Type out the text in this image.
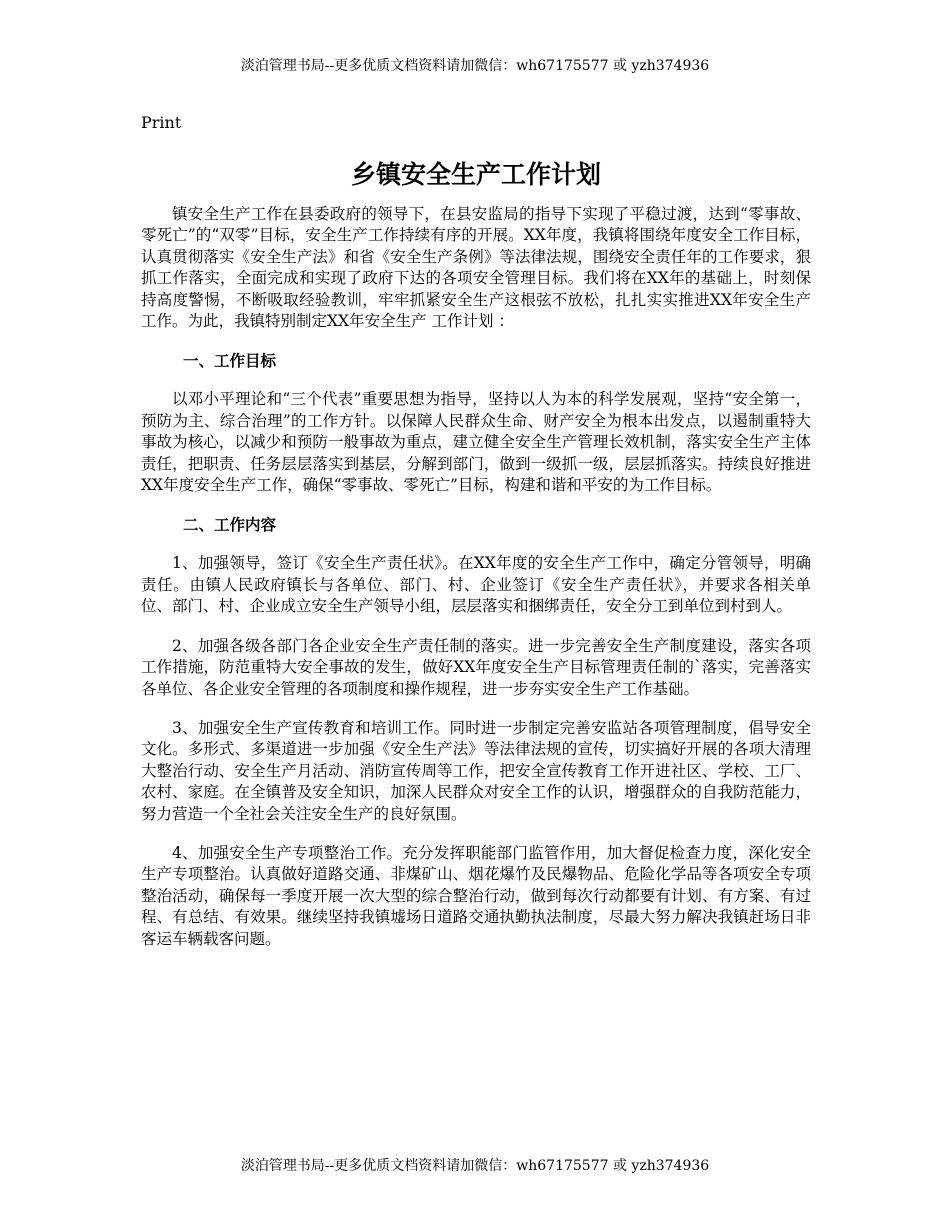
淡泊管理书局--更多优质文档资料请加微信：wh67175577 或 yzh374936
Print
乡镇安全生产工作计划

镇安全生产工作在县委政府的领导下，在县安监局的指导下实现了平稳过渡，达到“零事故、零死亡”的“双零”目标，安全生产工作持续有序的开展。XX年度，我镇将围绕年度安全工作目标，认真贯彻落实《安全生产法》和省《安全生产条例》等法律法规，围绕安全责任年的工作要求，狠抓工作落实，全面完成和实现了政府下达的各项安全管理目标。我们将在XX年的基础上，时刻保持高度警惕，不断吸取经验教训，牢牢抓紧安全生产这根弦不放松，扎扎实实推进XX年安全生产工作。为此，我镇特别制定XX年安全生产 工作计划 ：

一、工作目标

以邓小平理论和“三个代表”重要思想为指导，坚持以人为本的科学发展观，坚持“安全第一，预防为主、综合治理”的工作方针。以保障人民群众生命、财产安全为根本出发点，以遏制重特大事故为核心，以减少和预防一般事故为重点，建立健全安全生产管理长效机制，落实安全生产主体责任，把职责、任务层层落实到基层，分解到部门，做到一级抓一级，层层抓落实。持续良好推进XX年度安全生产工作，确保“零事故、零死亡”目标，构建和谐和平安的为工作目标。

二、工作内容

1、加强领导，签订《安全生产责任状》。在XX年度的安全生产工作中，确定分管领导，明确责任。由镇人民政府镇长与各单位、部门、村、企业签订《安全生产责任状》，并要求各相关单位、部门、村、企业成立安全生产领导小组，层层落实和捆绑责任，安全分工到单位到村到人。

2、加强各级各部门各企业安全生产责任制的落实。进一步完善安全生产制度建设，落实各项工作措施，防范重特大安全事故的发生，做好XX年度安全生产目标管理责任制的`落实，完善落实各单位、各企业安全管理的各项制度和操作规程，进一步夯实安全生产工作基础。

3、加强安全生产宣传教育和培训工作。同时进一步制定完善安监站各项管理制度，倡导安全文化。多形式、多渠道进一步加强《安全生产法》等法律法规的宣传，切实搞好开展的各项大清理大整治行动、安全生产月活动、消防宣传周等工作，把安全宣传教育工作开进社区、学校、工厂、农村、家庭。在全镇普及安全知识，加深人民群众对安全工作的认识，增强群众的自我防范能力，努力营造一个全社会关注安全生产的良好氛围。

4、加强安全生产专项整治工作。充分发挥职能部门监管作用，加大督促检查力度，深化安全生产专项整治。认真做好道路交通、非煤矿山、烟花爆竹及民爆物品、危险化学品等各项安全专项整治活动，确保每一季度开展一次大型的综合整治行动，做到每次行动都要有计划、有方案、有过程、有总结、有效果。继续坚持我镇墟场日道路交通执勤执法制度，尽最大努力解决我镇赶场日非客运车辆载客问题。

淡泊管理书局--更多优质文档资料请加微信：wh67175577 或 yzh374936
